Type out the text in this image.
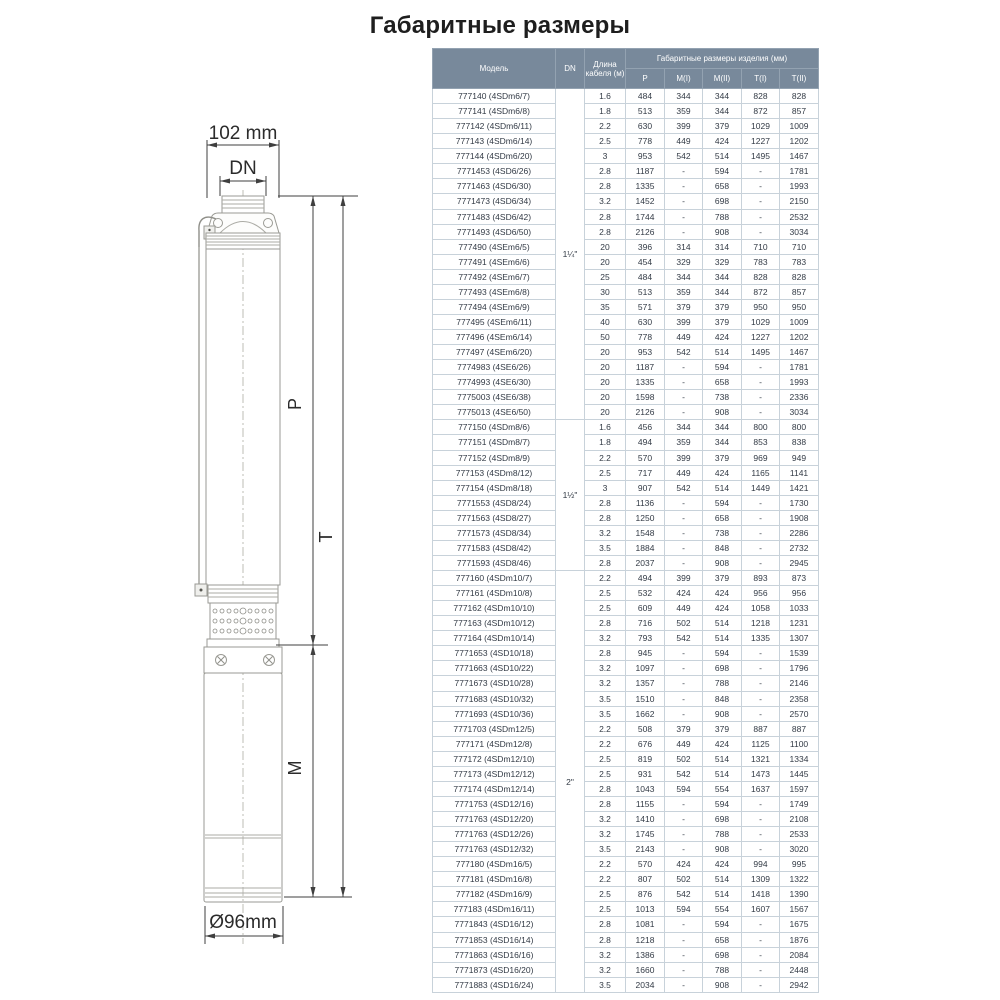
Габаритные размеры
102 mm
DN
P
T
M
Ø96mm
Модель	DN	Длина кабеля (м)	Габаритные размеры изделия (мм)				
			P	M(I)	M(II)	T(I)	T(II)
777140 (4SDm6/7)	1¼"	1.6	484	344	344	828	828
777141 (4SDm6/8)		1.8	513	359	344	872	857
777142 (4SDm6/11)		2.2	630	399	379	1029	1009
777143 (4SDm6/14)		2.5	778	449	424	1227	1202
777144 (4SDm6/20)		3	953	542	514	1495	1467
7771453 (4SD6/26)		2.8	1187	-	594	-	1781
7771463 (4SD6/30)		2.8	1335	-	658	-	1993
7771473 (4SD6/34)		3.2	1452	-	698	-	2150
7771483 (4SD6/42)		2.8	1744	-	788	-	2532
7771493 (4SD6/50)		2.8	2126	-	908	-	3034
777490 (4SEm6/5)		20	396	314	314	710	710
777491 (4SEm6/6)		20	454	329	329	783	783
777492 (4SEm6/7)		25	484	344	344	828	828
777493 (4SEm6/8)		30	513	359	344	872	857
777494 (4SEm6/9)		35	571	379	379	950	950
777495 (4SEm6/11)		40	630	399	379	1029	1009
777496 (4SEm6/14)		50	778	449	424	1227	1202
777497 (4SEm6/20)		20	953	542	514	1495	1467
7774983 (4SE6/26)		20	1187	-	594	-	1781
7774993 (4SE6/30)		20	1335	-	658	-	1993
7775003 (4SE6/38)		20	1598	-	738	-	2336
7775013 (4SE6/50)		20	2126	-	908	-	3034
777150 (4SDm8/6)	1½"	1.6	456	344	344	800	800
777151 (4SDm8/7)		1.8	494	359	344	853	838
777152 (4SDm8/9)		2.2	570	399	379	969	949
777153 (4SDm8/12)		2.5	717	449	424	1165	1141
777154 (4SDm8/18)		3	907	542	514	1449	1421
7771553 (4SD8/24)		2.8	1136	-	594	-	1730
7771563 (4SD8/27)		2.8	1250	-	658	-	1908
7771573 (4SD8/34)		3.2	1548	-	738	-	2286
7771583 (4SD8/42)		3.5	1884	-	848	-	2732
7771593 (4SD8/46)		2.8	2037	-	908	-	2945
777160 (4SDm10/7)	2"	2.2	494	399	379	893	873
777161 (4SDm10/8)		2.5	532	424	424	956	956
777162 (4SDm10/10)		2.5	609	449	424	1058	1033
777163 (4SDm10/12)		2.8	716	502	514	1218	1231
777164 (4SDm10/14)		3.2	793	542	514	1335	1307
7771653 (4SD10/18)		2.8	945	-	594	-	1539
7771663 (4SD10/22)		3.2	1097	-	698	-	1796
7771673 (4SD10/28)		3.2	1357	-	788	-	2146
7771683 (4SD10/32)		3.5	1510	-	848	-	2358
7771693 (4SD10/36)		3.5	1662	-	908	-	2570
7771703 (4SDm12/5)		2.2	508	379	379	887	887
777171 (4SDm12/8)		2.2	676	449	424	1125	1100
777172 (4SDm12/10)		2.5	819	502	514	1321	1334
777173 (4SDm12/12)		2.5	931	542	514	1473	1445
777174 (4SDm12/14)		2.8	1043	594	554	1637	1597
7771753 (4SD12/16)		2.8	1155	-	594	-	1749
7771763 (4SD12/20)		3.2	1410	-	698	-	2108
7771763 (4SD12/26)		3.2	1745	-	788	-	2533
7771763 (4SD12/32)		3.5	2143	-	908	-	3020
777180 (4SDm16/5)		2.2	570	424	424	994	995
777181 (4SDm16/8)		2.2	807	502	514	1309	1322
777182 (4SDm16/9)		2.5	876	542	514	1418	1390
777183 (4SDm16/11)		2.5	1013	594	554	1607	1567
7771843 (4SD16/12)		2.8	1081	-	594	-	1675
7771853 (4SD16/14)		2.8	1218	-	658	-	1876
7771863 (4SD16/16)		3.2	1386	-	698	-	2084
7771873 (4SD16/20)		3.2	1660	-	788	-	2448
7771883 (4SD16/24)		3.5	2034	-	908	-	2942
